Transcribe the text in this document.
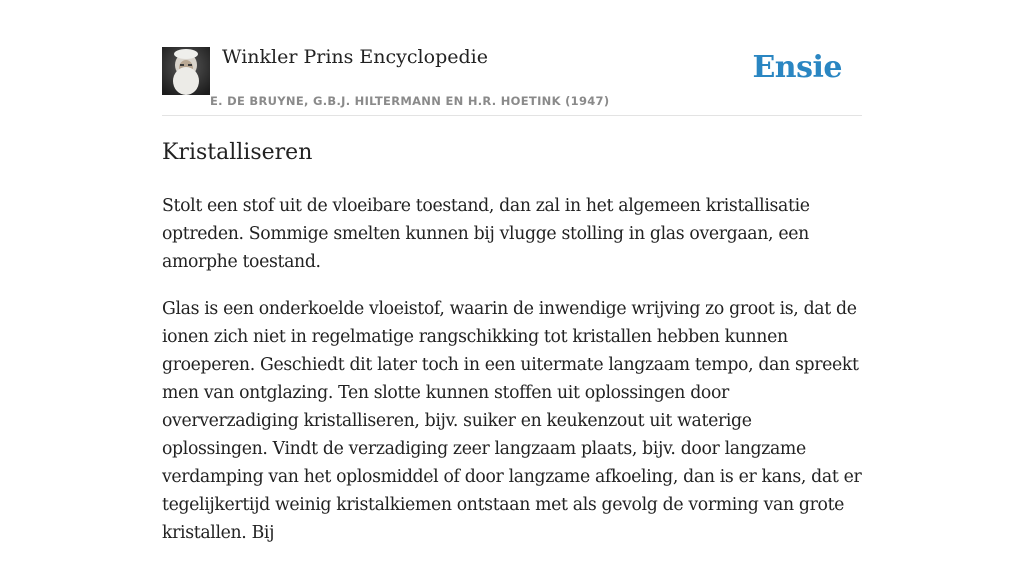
Winkler Prins Encyclopedie
E. DE BRUYNE, G.B.J. HILTERMANN EN H.R. HOETINK (1947)
Ensie
Kristalliseren

Stolt een stof uit de vloeibare toestand, dan zal in het algemeen kristallisatie optreden. Sommige smelten kunnen bij vlugge stolling in glas overgaan, een amorphe toestand.

Glas is een onderkoelde vloeistof, waarin de inwendige wrijving zo groot is, dat de ionen zich niet in regelmatige rangschikking tot kristallen hebben kunnen groeperen. Geschiedt dit later toch in een uitermate langzaam tempo, dan spreekt men van ontglazing. Ten slotte kunnen stoffen uit oplossingen door oververzadiging kristalliseren, bijv. suiker en keukenzout uit waterige oplossingen. Vindt de verzadiging zeer langzaam plaats, bijv. door langzame verdamping van het oplosmiddel of door langzame afkoeling, dan is er kans, dat er tegelijkertijd weinig kristalkiemen ontstaan met als gevolg de vorming van grote kristallen. Bij
